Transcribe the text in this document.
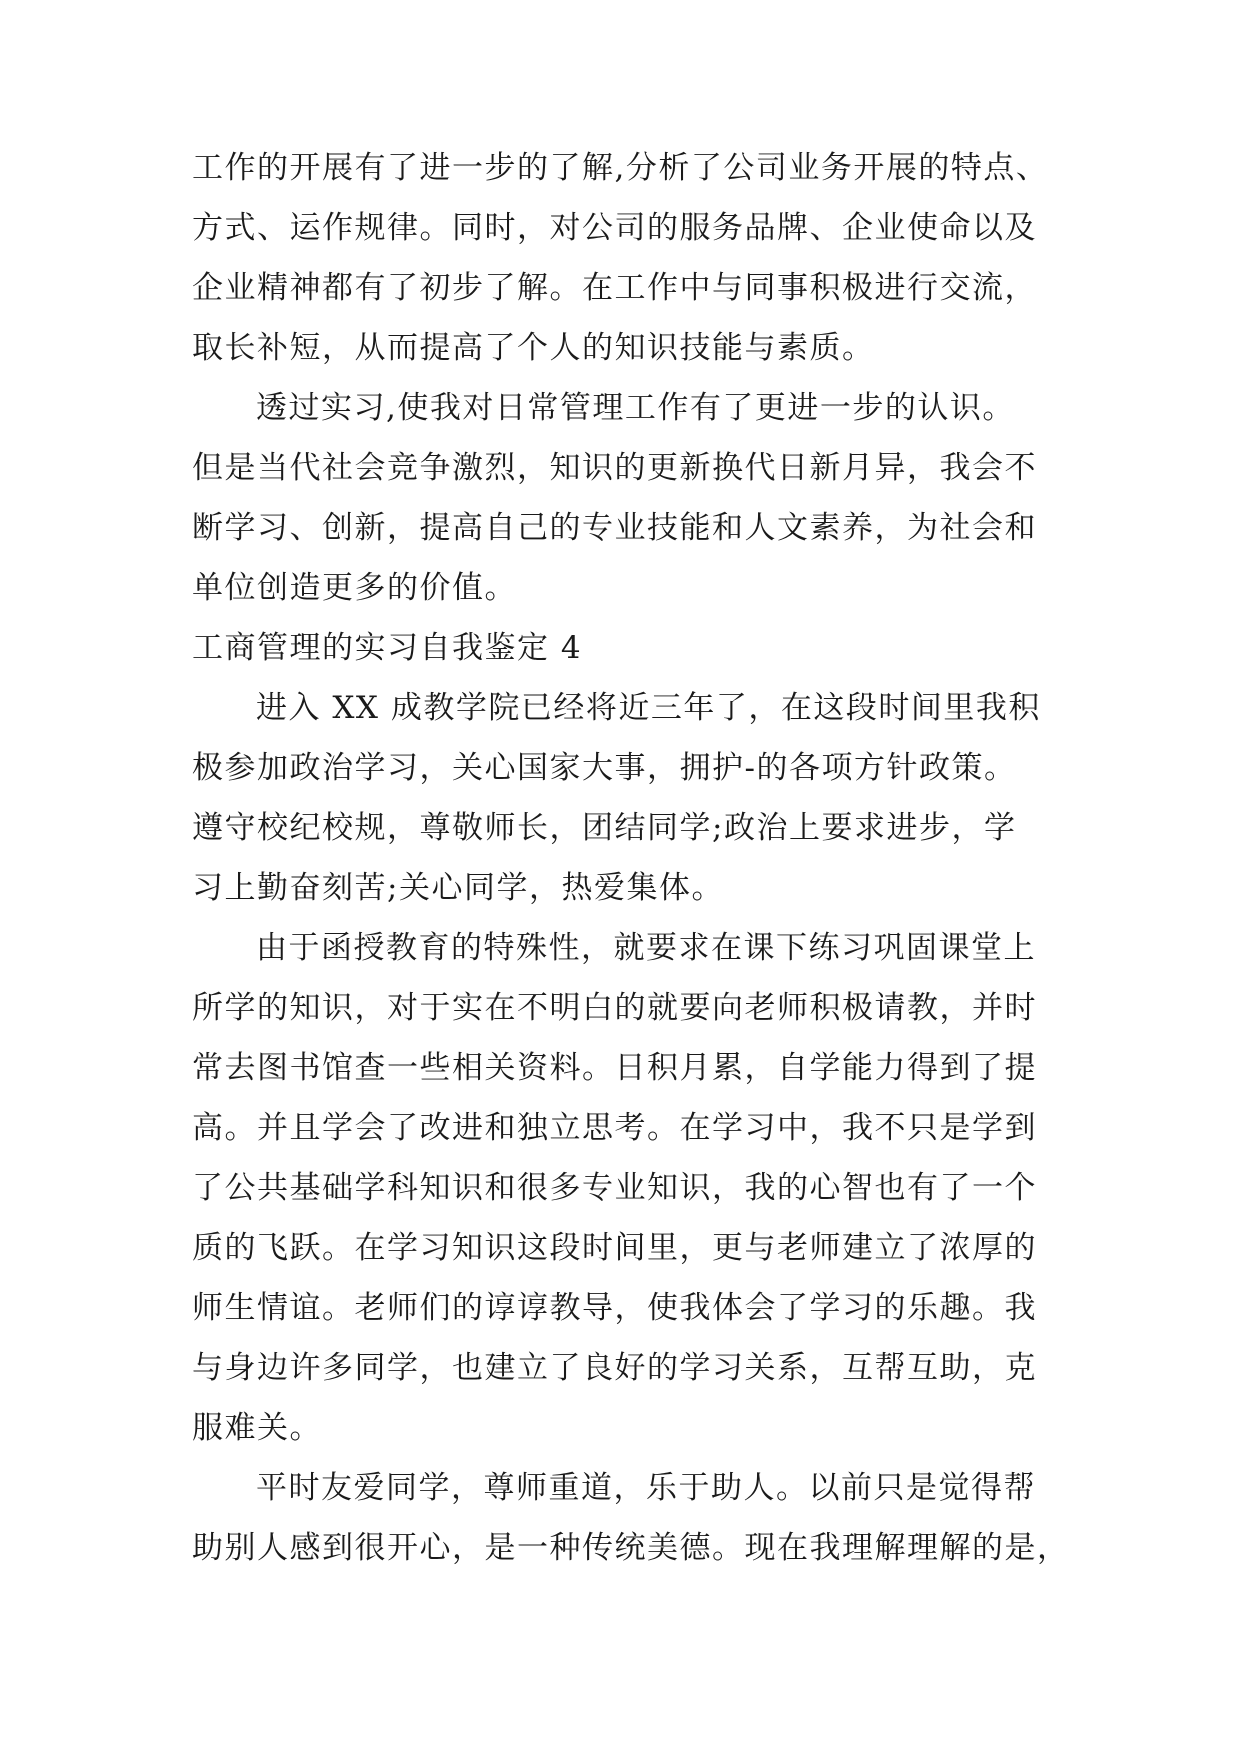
工作的开展有了进一步的了解,分析了公司业务开展的特点、
方式、运作规律。同时，对公司的服务品牌、企业使命以及
企业精神都有了初步了解。在工作中与同事积极进行交流，
取长补短，从而提高了个人的知识技能与素质。
透过实习,使我对日常管理工作有了更进一步的认识。
但是当代社会竞争激烈，知识的更新换代日新月异，我会不
断学习、创新，提高自己的专业技能和人文素养，为社会和
单位创造更多的价值。
工商管理的实习自我鉴定 4
进入 XX 成教学院已经将近三年了，在这段时间里我积
极参加政治学习，关心国家大事，拥护-的各项方针政策。
遵守校纪校规，尊敬师长，团结同学;政治上要求进步，学
习上勤奋刻苦;关心同学，热爱集体。
由于函授教育的特殊性，就要求在课下练习巩固课堂上
所学的知识，对于实在不明白的就要向老师积极请教，并时
常去图书馆查一些相关资料。日积月累，自学能力得到了提
高。并且学会了改进和独立思考。在学习中，我不只是学到
了公共基础学科知识和很多专业知识，我的心智也有了一个
质的飞跃。在学习知识这段时间里，更与老师建立了浓厚的
师生情谊。老师们的谆谆教导，使我体会了学习的乐趣。我
与身边许多同学，也建立了良好的学习关系，互帮互助，克
服难关。
平时友爱同学，尊师重道，乐于助人。以前只是觉得帮
助别人感到很开心，是一种传统美德。现在我理解理解的是，
